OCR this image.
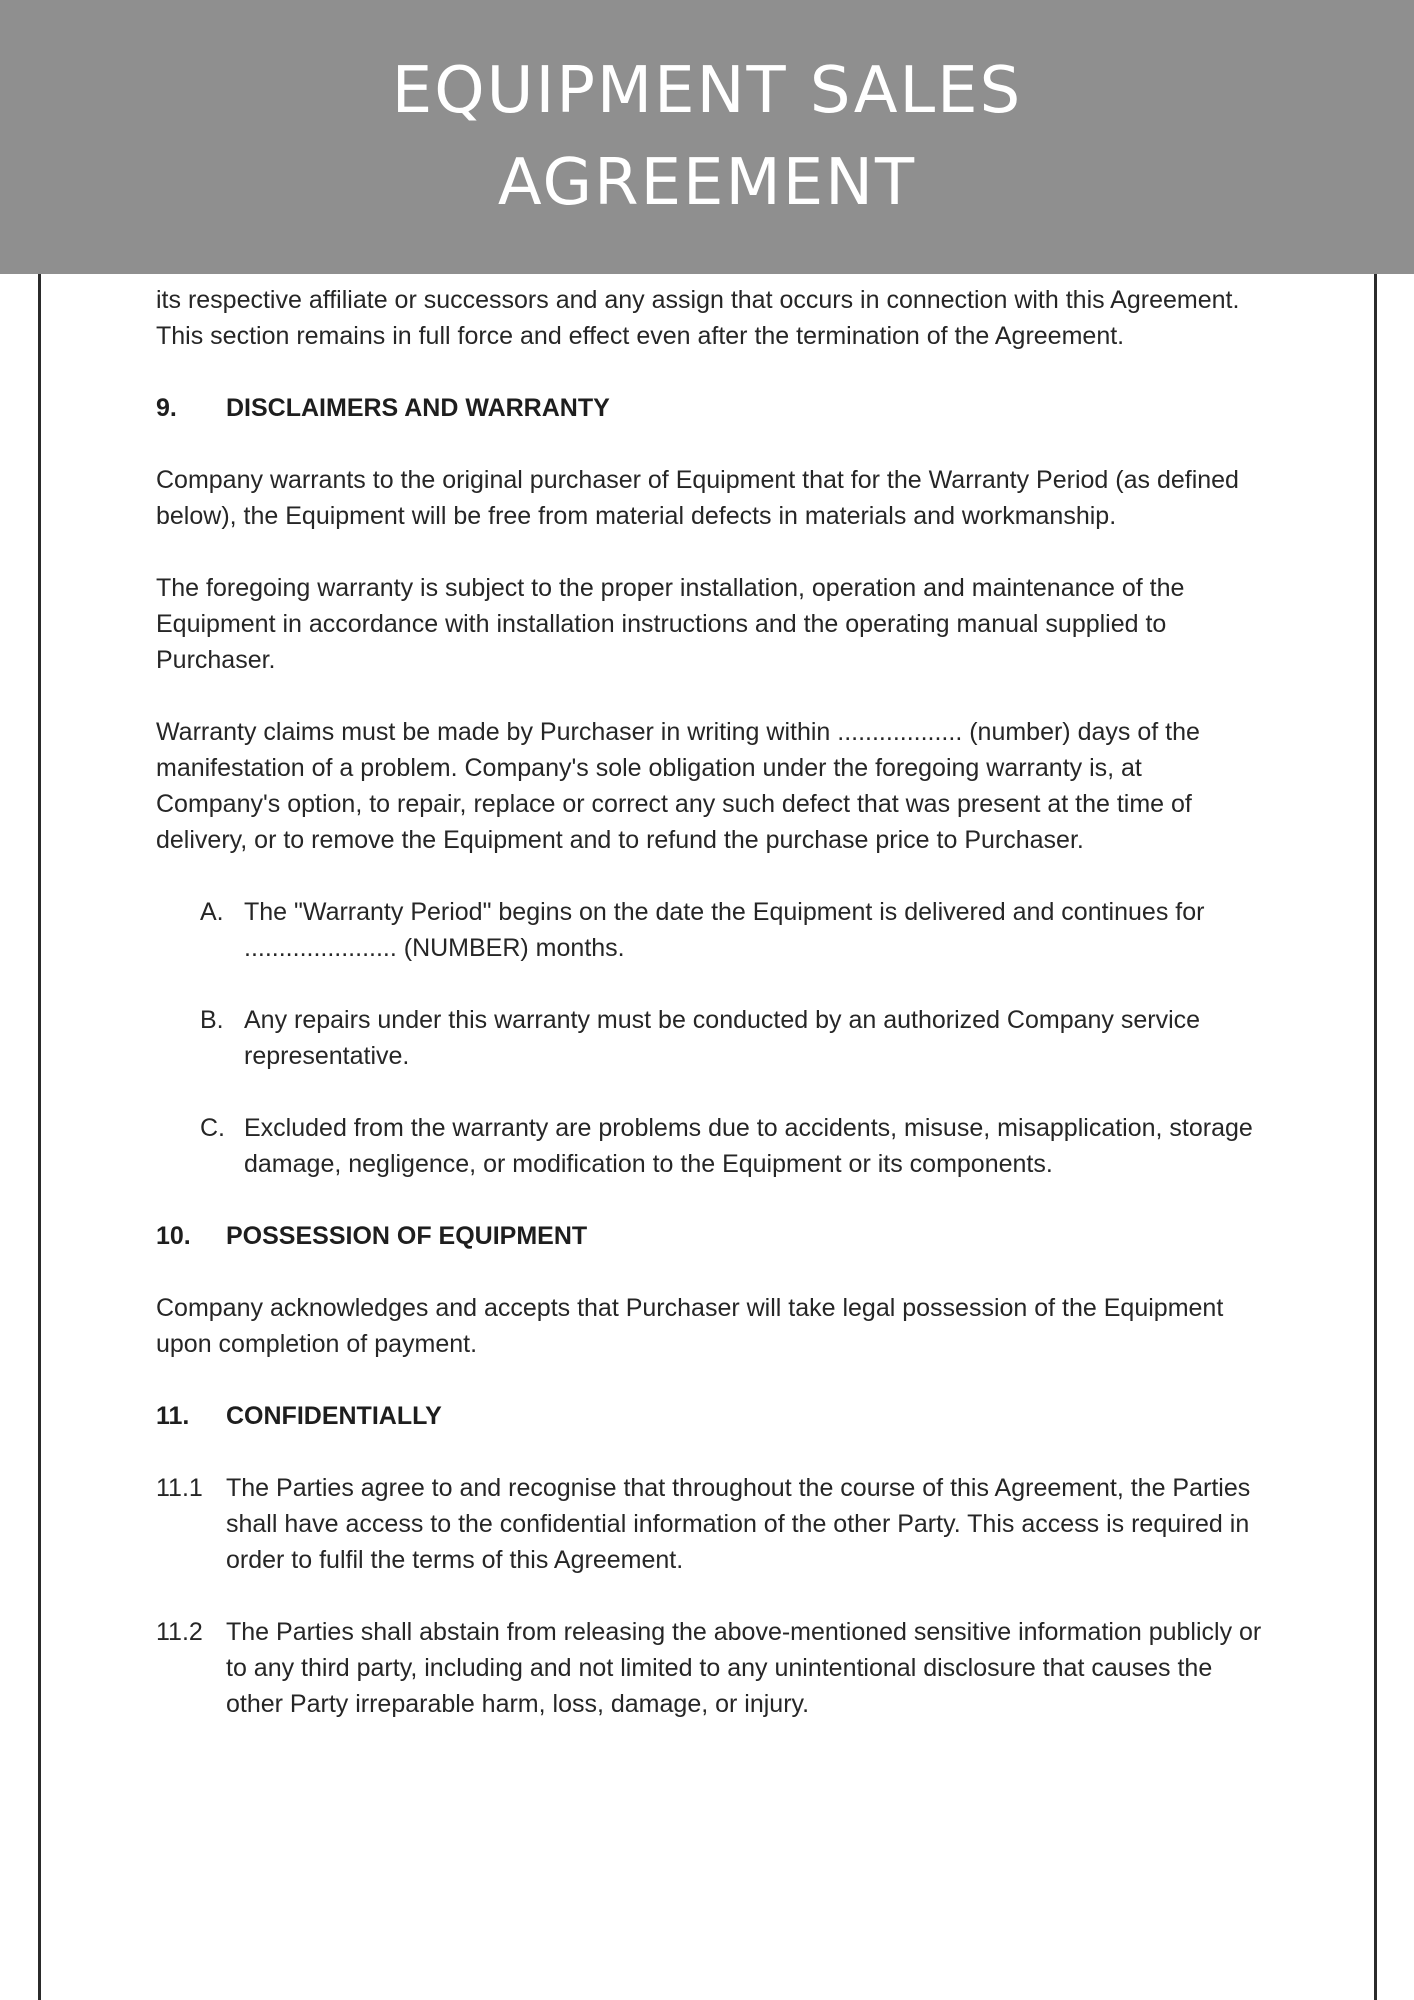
EQUIPMENT SALES
AGREEMENT

its respective affiliate or successors and any assign that occurs in connection with this Agreement. This section remains in full force and effect even after the termination of the Agreement.

9.	DISCLAIMERS AND WARRANTY

Company warrants to the original purchaser of Equipment that for the Warranty Period (as defined below), the Equipment will be free from material defects in materials and workmanship.

The foregoing warranty is subject to the proper installation, operation and maintenance of the Equipment in accordance with installation instructions and the operating manual supplied to Purchaser.

Warranty claims must be made by Purchaser in writing within .................. (number) days of the manifestation of a problem. Company's sole obligation under the foregoing warranty is, at Company's option, to repair, replace or correct any such defect that was present at the time of delivery, or to remove the Equipment and to refund the purchase price to Purchaser.

A. The "Warranty Period" begins on the date the Equipment is delivered and continues for ...................... (NUMBER) months.
B. Any repairs under this warranty must be conducted by an authorized Company service representative.
C. Excluded from the warranty are problems due to accidents, misuse, misapplication, storage damage, negligence, or modification to the Equipment or its components.
10.	POSSESSION OF EQUIPMENT

Company acknowledges and accepts that Purchaser will take legal possession of the Equipment upon completion of payment.

11.	CONFIDENTIALLY
11.1 The Parties agree to and recognise that throughout the course of this Agreement, the Parties shall have access to the confidential information of the other Party. This access is required in order to fulfil the terms of this Agreement.
11.2 The Parties shall abstain from releasing the above-mentioned sensitive information publicly or to any third party, including and not limited to any unintentional disclosure that causes the other Party irreparable harm, loss, damage, or injury.
